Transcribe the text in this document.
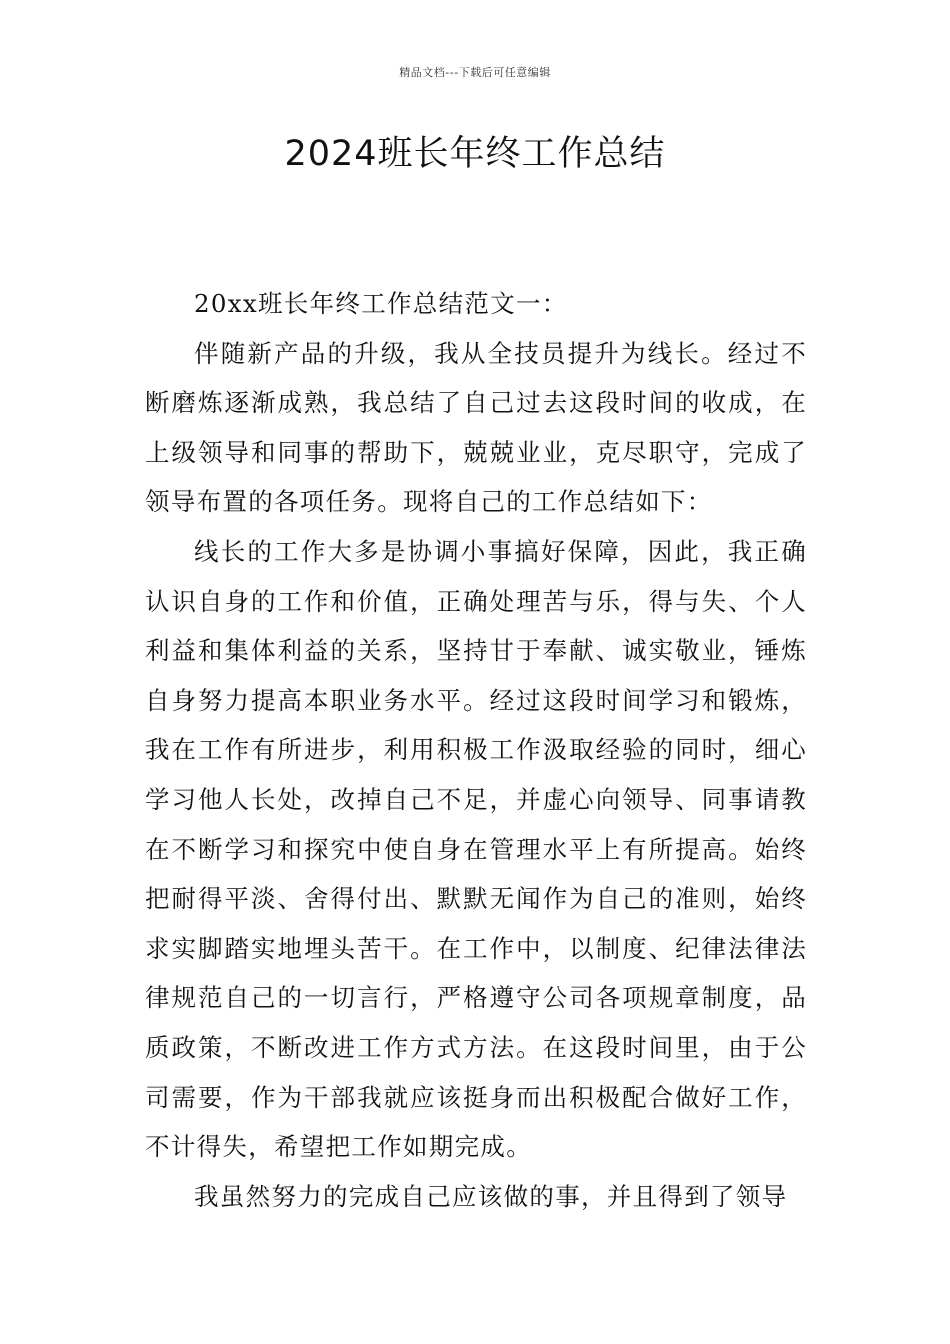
精品文档---下载后可任意编辑
2024班长年终工作总结

20xx班长年终工作总结范文一：

伴随新产品的升级，我从全技员提升为线长。经过不断磨炼逐渐成熟，我总结了自己过去这段时间的收成，在上级领导和同事的帮助下，兢兢业业，克尽职守，完成了领导布置的各项任务。现将自己的工作总结如下：

线长的工作大多是协调小事搞好保障，因此，我正确认识自身的工作和价值，正确处理苦与乐，得与失、个人利益和集体利益的关系，坚持甘于奉献、诚实敬业，锤炼自身努力提高本职业务水平。经过这段时间学习和锻炼，我在工作有所进步，利用积极工作汲取经验的同时，细心学习他人长处，改掉自己不足，并虚心向领导、同事请教在不断学习和探究中使自身在管理水平上有所提高。始终把耐得平淡、舍得付出、默默无闻作为自己的准则，始终求实脚踏实地埋头苦干。在工作中，以制度、纪律法律法律规范自己的一切言行，严格遵守公司各项规章制度，品质政策，不断改进工作方式方法。在这段时间里，由于公司需要，作为干部我就应该挺身而出积极配合做好工作，不计得失，希望把工作如期完成。

我虽然努力的完成自己应该做的事，并且得到了领导
